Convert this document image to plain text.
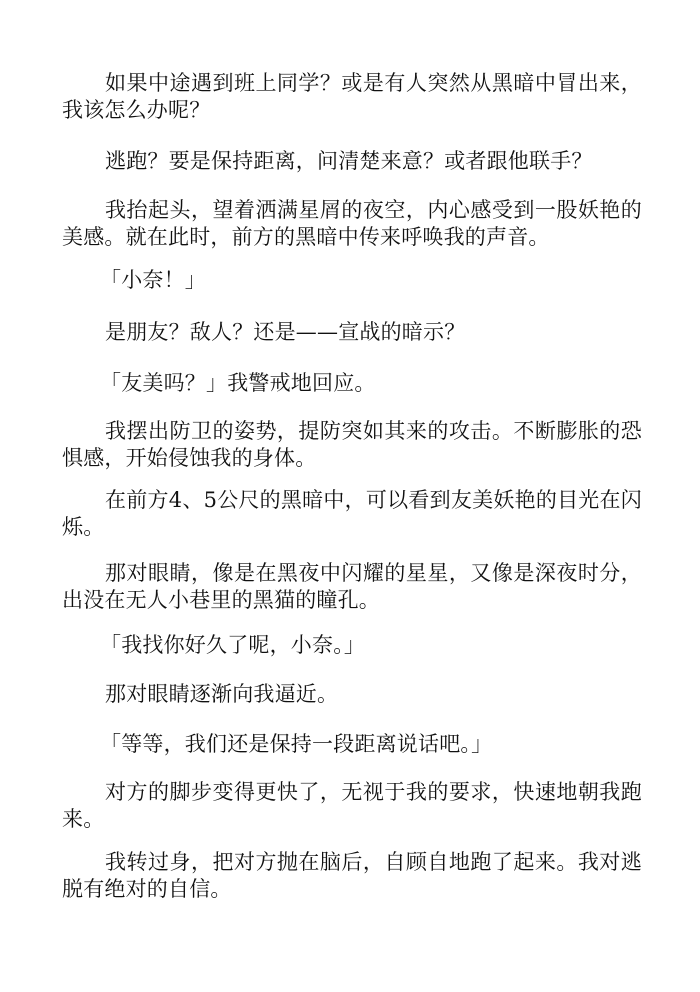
如果中途遇到班上同学？或是有人突然从黑暗中冒出来，我该怎么办呢？

逃跑？要是保持距离，问清楚来意？或者跟他联手？

我抬起头，望着洒满星屑的夜空，内心感受到一股妖艳的美感。就在此时，前方的黑暗中传来呼唤我的声音。

「小奈！」

是朋友？敌人？还是——宣战的暗示？

「友美吗？」我警戒地回应。

我摆出防卫的姿势，提防突如其来的攻击。不断膨胀的恐惧感，开始侵蚀我的身体。

在前方4、5公尺的黑暗中，可以看到友美妖艳的目光在闪烁。

那对眼睛，像是在黑夜中闪耀的星星，又像是深夜时分，出没在无人小巷里的黑猫的瞳孔。

「我找你好久了呢，小奈。」

那对眼睛逐渐向我逼近。

「等等，我们还是保持一段距离说话吧。」

对方的脚步变得更快了，无视于我的要求，快速地朝我跑来。

我转过身，把对方抛在脑后，自顾自地跑了起来。我对逃脱有绝对的自信。
